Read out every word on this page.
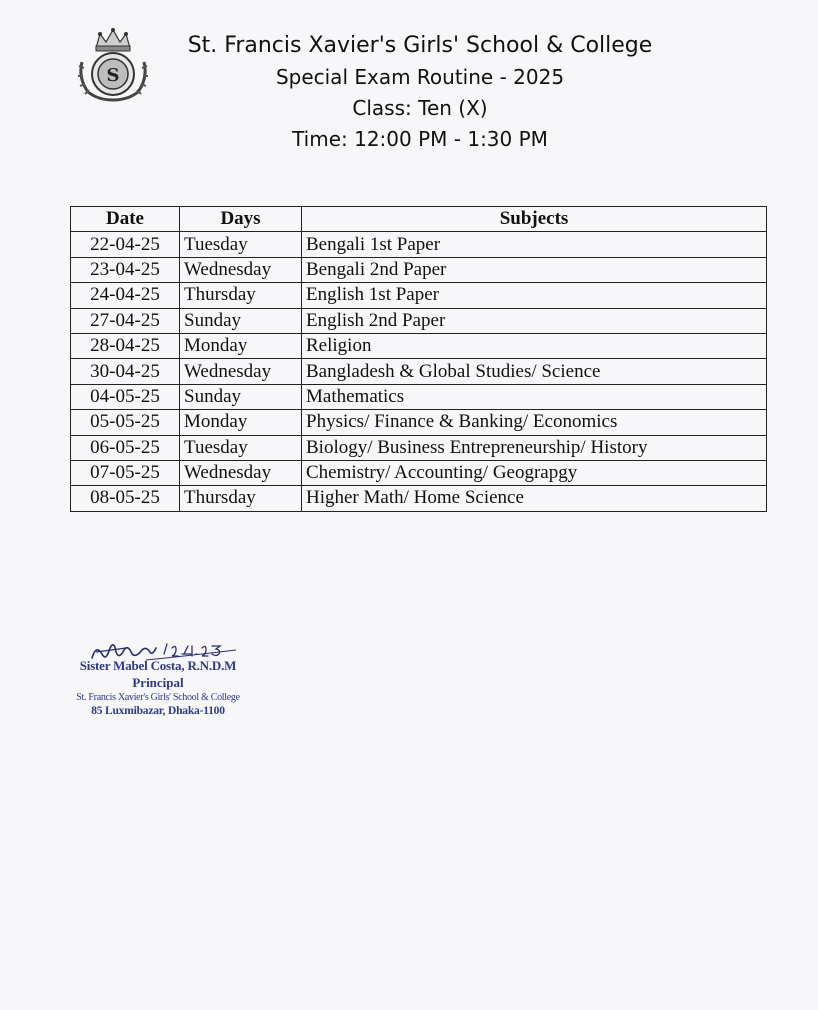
S
St. Francis Xavier's Girls' School & College
Special Exam Routine - 2025
Class: Ten (X)
Time: 12:00 PM - 1:30 PM
Date	Days	Subjects
22-04-25	Tuesday	Bengali 1st Paper
23-04-25	Wednesday	Bengali 2nd Paper
24-04-25	Thursday	English 1st Paper
27-04-25	Sunday	English 2nd Paper
28-04-25	Monday	Religion
30-04-25	Wednesday	Bangladesh & Global Studies/ Science
04-05-25	Sunday	Mathematics
05-05-25	Monday	Physics/ Finance & Banking/ Economics
06-05-25	Tuesday	Biology/ Business Entrepreneurship/ History
07-05-25	Wednesday	Chemistry/ Accounting/ Geograpgy
08-05-25	Thursday	Higher Math/ Home Science
Sister Mabel Costa, R.N.D.M
Principal
St. Francis Xavier's Girls' School & College
85 Luxmibazar, Dhaka-1100
